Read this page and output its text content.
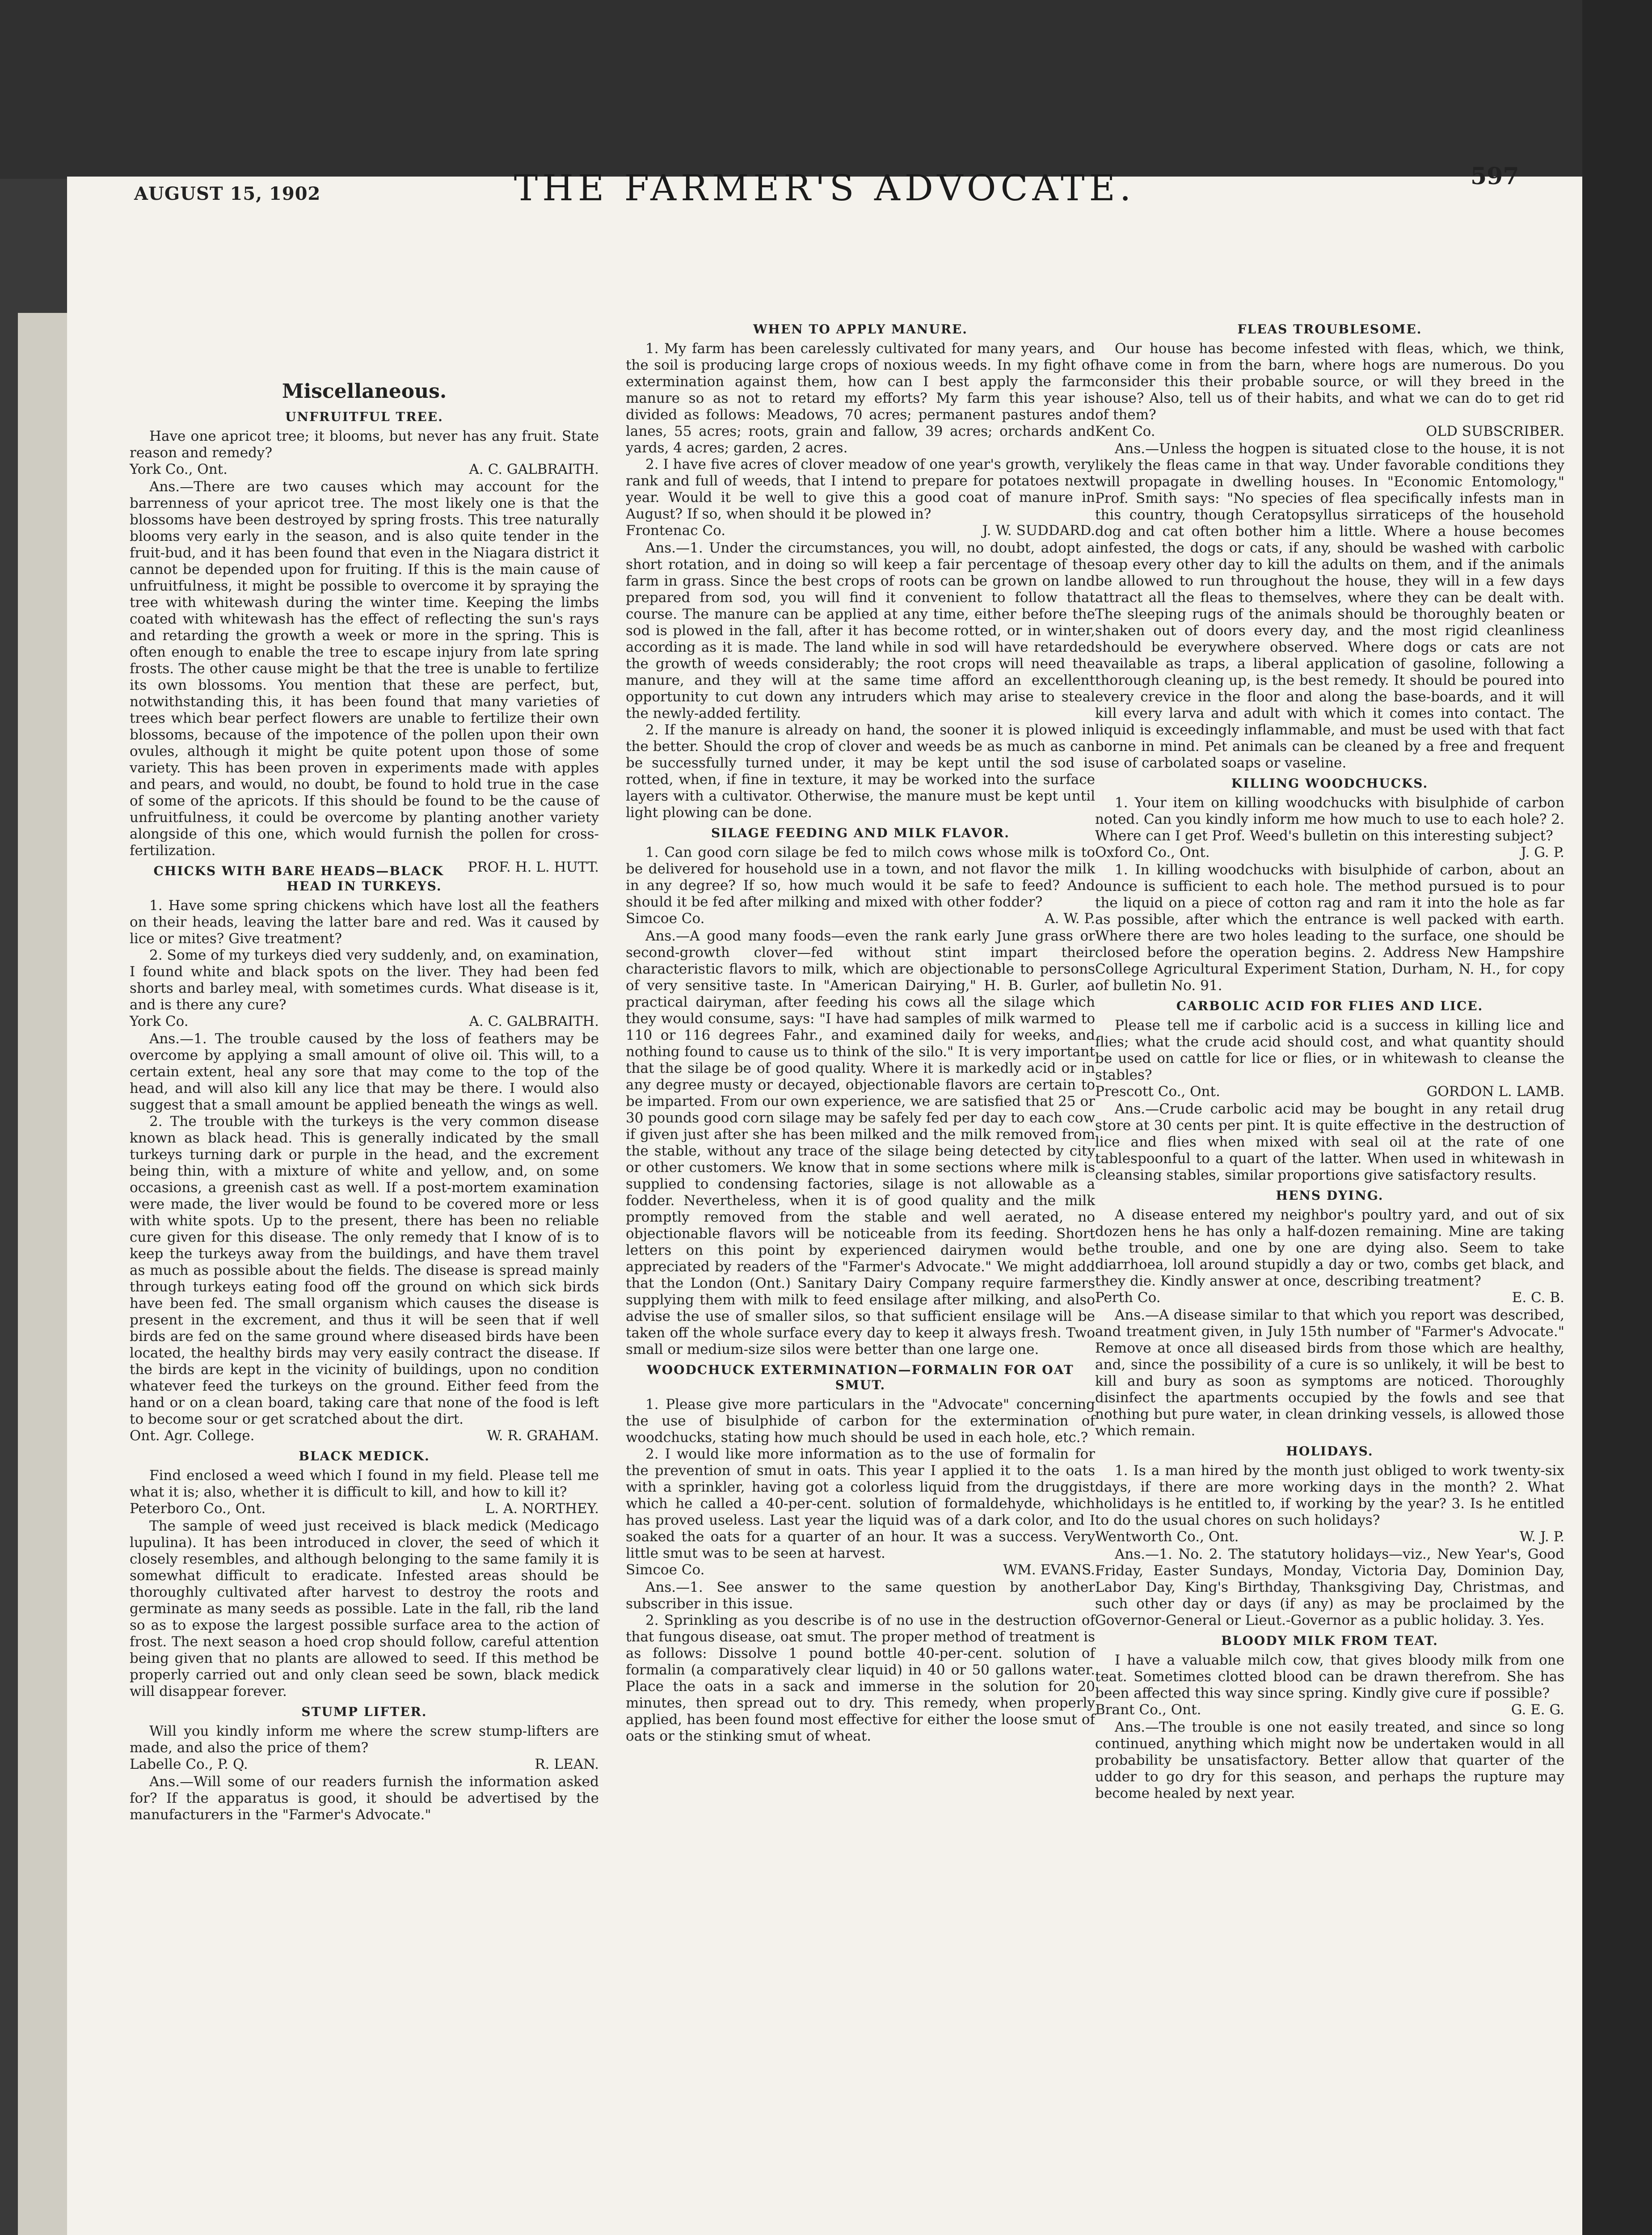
AUGUST 15, 1902	THE FARMER'S ADVOCATE.	597
Miscellaneous.
UNFRUITFUL TREE.

Have one apricot tree; it blooms, but never has any fruit. State reason and remedy?

A. C. GALBRAITH.
York Co., Ont.

Ans.—There are two causes which may account for the barrenness of your apricot tree. The most likely one is that the blossoms have been destroyed by spring frosts. This tree naturally blooms very early in the season, and is also quite tender in the fruit-bud, and it has been found that even in the Niagara district it cannot be depended upon for fruiting. If this is the main cause of unfruitfulness, it might be possible to overcome it by spraying the tree with whitewash during the winter time. Keeping the limbs coated with whitewash has the effect of reflecting the sun's rays and retarding the growth a week or more in the spring. This is often enough to enable the tree to escape injury from late spring frosts. The other cause might be that the tree is unable to fertilize its own blossoms. You mention that these are perfect, but, notwithstanding this, it has been found that many varieties of trees which bear perfect flowers are unable to fertilize their own blossoms, because of the impotence of the pollen upon their own ovules, although it might be quite potent upon those of some variety. This has been proven in experiments made with apples and pears, and would, no doubt, be found to hold true in the case of some of the apricots. If this should be found to be the cause of unfruitfulness, it could be overcome by planting another variety alongside of this one, which would furnish the pollen for cross-fertilization.

PROF. H. L. HUTT.
CHICKS WITH BARE HEADS—BLACK HEAD IN TURKEYS.

1. Have some spring chickens which have lost all the feathers on their heads, leaving the latter bare and red. Was it caused by lice or mites? Give treatment?

2. Some of my turkeys died very suddenly, and, on examination, I found white and black spots on the liver. They had been fed shorts and barley meal, with sometimes curds. What disease is it, and is there any cure?

A. C. GALBRAITH.
York Co.

Ans.—1. The trouble caused by the loss of feathers may be overcome by applying a small amount of olive oil. This will, to a certain extent, heal any sore that may come to the top of the head, and will also kill any lice that may be there. I would also suggest that a small amount be applied beneath the wings as well.

2. The trouble with the turkeys is the very common disease known as black head. This is generally indicated by the small turkeys turning dark or purple in the head, and the excrement being thin, with a mixture of white and yellow, and, on some occasions, a greenish cast as well. If a post-mortem examination were made, the liver would be found to be covered more or less with white spots. Up to the present, there has been no reliable cure given for this disease. The only remedy that I know of is to keep the turkeys away from the buildings, and have them travel as much as possible about the fields. The disease is spread mainly through turkeys eating food off the ground on which sick birds have been fed. The small organism which causes the disease is present in the excrement, and thus it will be seen that if well birds are fed on the same ground where diseased birds have been located, the healthy birds may very easily contract the disease. If the birds are kept in the vicinity of buildings, upon no condition whatever feed the turkeys on the ground. Either feed from the hand or on a clean board, taking care that none of the food is left to become sour or get scratched about the dirt.

W. R. GRAHAM.
Ont. Agr. College.
BLACK MEDICK.

Find enclosed a weed which I found in my field. Please tell me what it is; also, whether it is difficult to kill, and how to kill it?

L. A. NORTHEY.
Peterboro Co., Ont.

The sample of weed just received is black medick (Medicago lupulina). It has been introduced in clover, the seed of which it closely resembles, and although belonging to the same family it is somewhat difficult to eradicate. Infested areas should be thoroughly cultivated after harvest to destroy the roots and germinate as many seeds as possible. Late in the fall, rib the land so as to expose the largest possible surface area to the action of frost. The next season a hoed crop should follow, careful attention being given that no plants are allowed to seed. If this method be properly carried out and only clean seed be sown, black medick will disappear forever.

STUMP LIFTER.

Will you kindly inform me where the screw stump-lifters are made, and also the price of them?

R. LEAN.
Labelle Co., P. Q.

Ans.—Will some of our readers furnish the information asked for? If the apparatus is good, it should be advertised by the manufacturers in the "Farmer's Advocate."

WHEN TO APPLY MANURE.

1. My farm has been carelessly cultivated for many years, and the soil is producing large crops of noxious weeds. In my fight of extermination against them, how can I best apply the farm manure so as not to retard my efforts? My farm this year is divided as follows: Meadows, 70 acres; permanent pastures and lanes, 55 acres; roots, grain and fallow, 39 acres; orchards and yards, 4 acres; garden, 2 acres.

2. I have five acres of clover meadow of one year's growth, very rank and full of weeds, that I intend to prepare for potatoes next year. Would it be well to give this a good coat of manure in August? If so, when should it be plowed in?

J. W. SUDDARD.
Frontenac Co.

Ans.—1. Under the circumstances, you will, no doubt, adopt a short rotation, and in doing so will keep a fair percentage of the farm in grass. Since the best crops of roots can be grown on land prepared from sod, you will find it convenient to follow that course. The manure can be applied at any time, either before the sod is plowed in the fall, after it has become rotted, or in winter, according as it is made. The land while in sod will have retarded the growth of weeds considerably; the root crops will need the manure, and they will at the same time afford an excellent opportunity to cut down any intruders which may arise to steal the newly-added fertility.

2. If the manure is already on hand, the sooner it is plowed in the better. Should the crop of clover and weeds be as much as can be successfully turned under, it may be kept until the sod is rotted, when, if fine in texture, it may be worked into the surface layers with a cultivator. Otherwise, the manure must be kept until light plowing can be done.

SILAGE FEEDING AND MILK FLAVOR.

1. Can good corn silage be fed to milch cows whose milk is to be delivered for household use in a town, and not flavor the milk in any degree? If so, how much would it be safe to feed? And should it be fed after milking and mixed with other fodder?

A. W. P.
Simcoe Co.

Ans.—A good many foods—even the rank early June grass or second-growth clover—fed without stint impart their characteristic flavors to milk, which are objectionable to persons of very sensitive taste. In "American Dairying," H. B. Gurler, a practical dairyman, after feeding his cows all the silage which they would consume, says: "I have had samples of milk warmed to 110 or 116 degrees Fahr., and examined daily for weeks, and nothing found to cause us to think of the silo." It is very important that the silage be of good quality. Where it is markedly acid or in any degree musty or decayed, objectionable flavors are certain to be imparted. From our own experience, we are satisfied that 25 or 30 pounds good corn silage may be safely fed per day to each cow if given just after she has been milked and the milk removed from the stable, without any trace of the silage being detected by city or other customers. We know that in some sections where milk is supplied to condensing factories, silage is not allowable as a fodder. Nevertheless, when it is of good quality and the milk promptly removed from the stable and well aerated, no objectionable flavors will be noticeable from its feeding. Short letters on this point by experienced dairymen would be appreciated by readers of the "Farmer's Advocate." We might add that the London (Ont.) Sanitary Dairy Company require farmers supplying them with milk to feed ensilage after milking, and also advise the use of smaller silos, so that sufficient ensilage will be taken off the whole surface every day to keep it always fresh. Two small or medium-size silos were better than one large one.

WOODCHUCK EXTERMINATION—FORMALIN FOR OAT SMUT.

1. Please give more particulars in the "Advocate" concerning the use of bisulphide of carbon for the extermination of woodchucks, stating how much should be used in each hole, etc.?

2. I would like more information as to the use of formalin for the prevention of smut in oats. This year I applied it to the oats with a sprinkler, having got a colorless liquid from the druggist which he called a 40-per-cent. solution of formaldehyde, which has proved useless. Last year the liquid was of a dark color, and I soaked the oats for a quarter of an hour. It was a success. Very little smut was to be seen at harvest.

WM. EVANS.
Simcoe Co.

Ans.—1. See answer to the same question by another subscriber in this issue.

2. Sprinkling as you describe is of no use in the destruction of that fungous disease, oat smut. The proper method of treatment is as follows: Dissolve 1 pound bottle 40-per-cent. solution of formalin (a comparatively clear liquid) in 40 or 50 gallons water. Place the oats in a sack and immerse in the solution for 20 minutes, then spread out to dry. This remedy, when properly applied, has been found most effective for either the loose smut of oats or the stinking smut of wheat.

FLEAS TROUBLESOME.

Our house has become infested with fleas, which, we think, have come in from the barn, where hogs are numerous. Do you consider this their probable source, or will they breed in the house? Also, tell us of their habits, and what we can do to get rid of them?

OLD SUBSCRIBER.
Kent Co.

Ans.—Unless the hogpen is situated close to the house, it is not likely the fleas came in that way. Under favorable conditions they will propagate in dwelling houses. In "Economic Entomology," Prof. Smith says: "No species of flea specifically infests man in this country, though Ceratopsyllus sirraticeps of the household dog and cat often bother him a little. Where a house becomes infested, the dogs or cats, if any, should be washed with carbolic soap every other day to kill the adults on them, and if the animals be allowed to run throughout the house, they will in a few days attract all the fleas to themselves, where they can be dealt with. The sleeping rugs of the animals should be thoroughly beaten or shaken out of doors every day, and the most rigid cleanliness should be everywhere observed. Where dogs or cats are not available as traps, a liberal application of gasoline, following a thorough cleaning up, is the best remedy. It should be poured into every crevice in the floor and along the base-boards, and it will kill every larva and adult with which it comes into contact. The liquid is exceedingly inflammable, and must be used with that fact borne in mind. Pet animals can be cleaned by a free and frequent use of carbolated soaps or vaseline.

KILLING WOODCHUCKS.

1. Your item on killing woodchucks with bisulphide of carbon noted. Can you kindly inform me how much to use to each hole? 2. Where can I get Prof. Weed's bulletin on this interesting subject?

J. G. P.
Oxford Co., Ont.

1. In killing woodchucks with bisulphide of carbon, about an ounce is sufficient to each hole. The method pursued is to pour the liquid on a piece of cotton rag and ram it into the hole as far as possible, after which the entrance is well packed with earth. Where there are two holes leading to the surface, one should be closed before the operation begins. 2. Address New Hampshire College Agricultural Experiment Station, Durham, N. H., for copy of bulletin No. 91.

CARBOLIC ACID FOR FLIES AND LICE.

Please tell me if carbolic acid is a success in killing lice and flies; what the crude acid should cost, and what quantity should be used on cattle for lice or flies, or in whitewash to cleanse the stables?

GORDON L. LAMB.
Prescott Co., Ont.

Ans.—Crude carbolic acid may be bought in any retail drug store at 30 cents per pint. It is quite effective in the destruction of lice and flies when mixed with seal oil at the rate of one tablespoonful to a quart of the latter. When used in whitewash in cleansing stables, similar proportions give satisfactory results.

HENS DYING.

A disease entered my neighbor's poultry yard, and out of six dozen hens he has only a half-dozen remaining. Mine are taking the trouble, and one by one are dying also. Seem to take diarrhoea, loll around stupidly a day or two, combs get black, and they die. Kindly answer at once, describing treatment?

E. C. B.
Perth Co.

Ans.—A disease similar to that which you report was described, and treatment given, in July 15th number of "Farmer's Advocate." Remove at once all diseased birds from those which are healthy, and, since the possibility of a cure is so unlikely, it will be best to kill and bury as soon as symptoms are noticed. Thoroughly disinfect the apartments occupied by the fowls and see that nothing but pure water, in clean drinking vessels, is allowed those which remain.

HOLIDAYS.

1. Is a man hired by the month just obliged to work twenty-six days, if there are more working days in the month? 2. What holidays is he entitled to, if working by the year? 3. Is he entitled to do the usual chores on such holidays?

W. J. P.
Wentworth Co., Ont.

Ans.—1. No. 2. The statutory holidays—viz., New Year's, Good Friday, Easter Sundays, Monday, Victoria Day, Dominion Day, Labor Day, King's Birthday, Thanksgiving Day, Christmas, and such other day or days (if any) as may be proclaimed by the Governor-General or Lieut.-Governor as a public holiday. 3. Yes.

BLOODY MILK FROM TEAT.

I have a valuable milch cow, that gives bloody milk from one teat. Sometimes clotted blood can be drawn therefrom. She has been affected this way since spring. Kindly give cure if possible?

G. E. G.
Brant Co., Ont.

Ans.—The trouble is one not easily treated, and since so long continued, anything which might now be undertaken would in all probability be unsatisfactory. Better allow that quarter of the udder to go dry for this season, and perhaps the rupture may become healed by next year.
